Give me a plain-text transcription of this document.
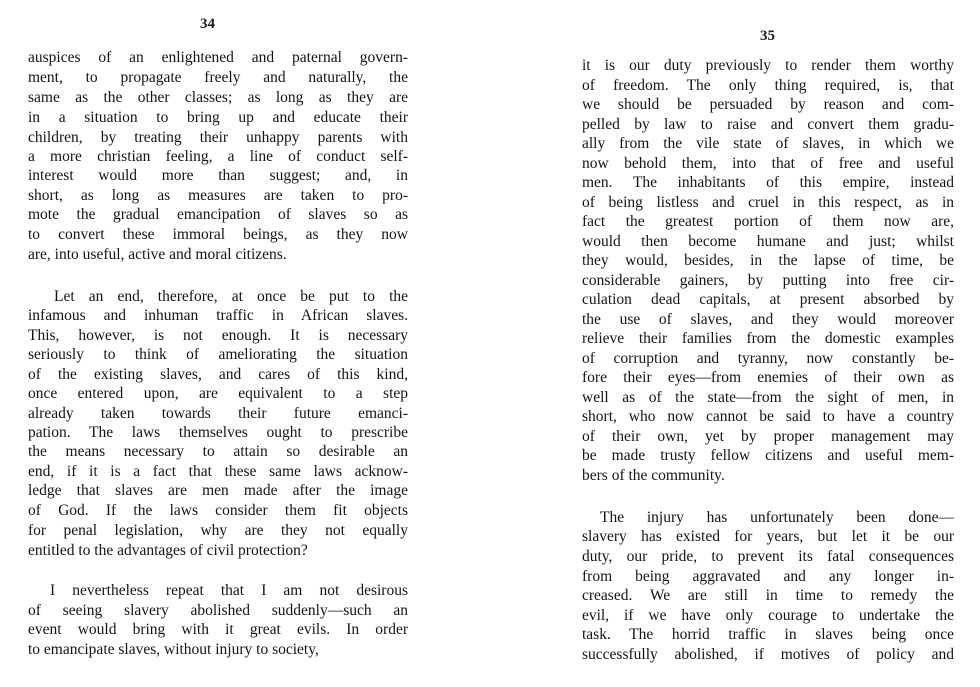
34
auspices of an enlightened and paternal govern-
ment, to propagate freely and naturally, the
same as the other classes; as long as they are
in a situation to bring up and educate their
children, by treating their unhappy parents with
a more christian feeling, a line of conduct self-
interest would more than suggest; and, in
short, as long as measures are taken to pro-
mote the gradual emancipation of slaves so as
to convert these immoral beings, as they now
are, into useful, active and moral citizens.
Let an end, therefore, at once be put to the
infamous and inhuman traffic in African slaves.
This, however, is not enough. It is necessary
seriously to think of ameliorating the situation
of the existing slaves, and cares of this kind,
once entered upon, are equivalent to a step
already taken towards their future emanci-
pation. The laws themselves ought to prescribe
the means necessary to attain so desirable an
end, if it is a fact that these same laws acknow-
ledge that slaves are men made after the image
of God. If the laws consider them fit objects
for penal legislation, why are they not equally
entitled to the advantages of civil protection?
I nevertheless repeat that I am not desirous
of seeing slavery abolished suddenly—such an
event would bring with it great evils. In order
to emancipate slaves, without injury to society,
35
it is our duty previously to render them worthy
of freedom. The only thing required, is, that
we should be persuaded by reason and com-
pelled by law to raise and convert them gradu-
ally from the vile state of slaves, in which we
now behold them, into that of free and useful
men. The inhabitants of this empire, instead
of being listless and cruel in this respect, as in
fact the greatest portion of them now are,
would then become humane and just; whilst
they would, besides, in the lapse of time, be
considerable gainers, by putting into free cir-
culation dead capitals, at present absorbed by
the use of slaves, and they would moreover
relieve their families from the domestic examples
of corruption and tyranny, now constantly be-
fore their eyes—from enemies of their own as
well as of the state—from the sight of men, in
short, who now cannot be said to have a country
of their own, yet by proper management may
be made trusty fellow citizens and useful mem-
bers of the community.
The injury has unfortunately been done—
slavery has existed for years, but let it be our
duty, our pride, to prevent its fatal consequences
from being aggravated and any longer in-
creased. We are still in time to remedy the
evil, if we have only courage to undertake the
task. The horrid traffic in slaves being once
successfully abolished, if motives of policy and
